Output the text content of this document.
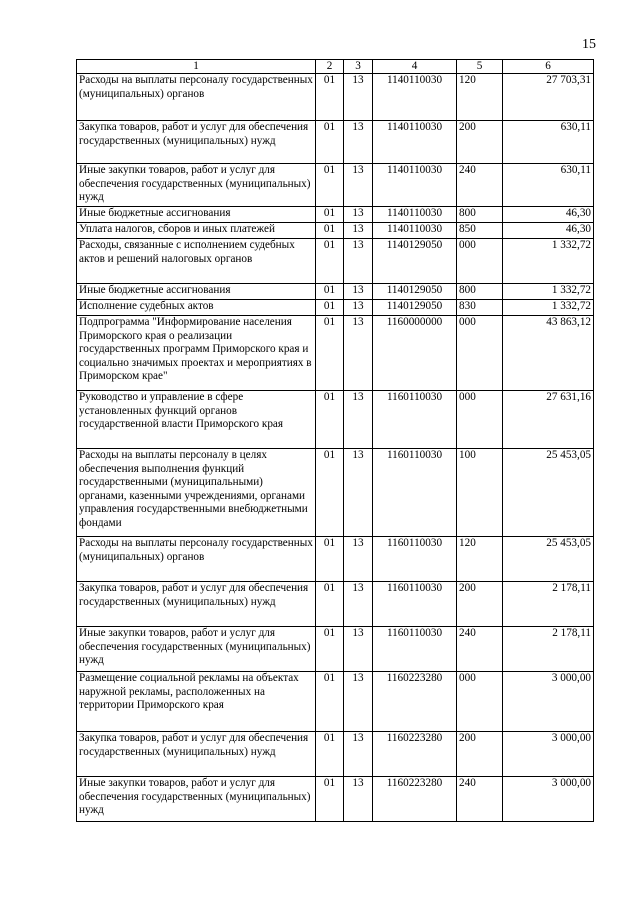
15
1	2	3	4	5	6
Расходы на выплаты персоналу государственных (муниципальных) органов	01	13	1140110030	120	27 703,31
Закупка товаров, работ и услуг для обеспечения государственных (муниципальных) нужд	01	13	1140110030	200	630,11
Иные закупки товаров, работ и услуг для обеспечения государственных (муниципальных) нужд	01	13	1140110030	240	630,11
Иные бюджетные ассигнования	01	13	1140110030	800	46,30
Уплата налогов, сборов и иных платежей	01	13	1140110030	850	46,30
Расходы, связанные с исполнением судебных актов и решений налоговых органов	01	13	1140129050	000	1 332,72
Иные бюджетные ассигнования	01	13	1140129050	800	1 332,72
Исполнение судебных актов	01	13	1140129050	830	1 332,72
Подпрограмма "Информирование населения Приморского края о реализации государственных программ Приморского края и социально значимых проектах и мероприятиях в Приморском крае"	01	13	1160000000	000	43 863,12
Руководство и управление в сфере установленных функций органов государственной власти Приморского края	01	13	1160110030	000	27 631,16
Расходы на выплаты персоналу в целях обеспечения выполнения функций государственными (муниципальными) органами, казенными учреждениями, органами управления государственными внебюджетными фондами	01	13	1160110030	100	25 453,05
Расходы на выплаты персоналу государственных (муниципальных) органов	01	13	1160110030	120	25 453,05
Закупка товаров, работ и услуг для обеспечения государственных (муниципальных) нужд	01	13	1160110030	200	2 178,11
Иные закупки товаров, работ и услуг для обеспечения государственных (муниципальных) нужд	01	13	1160110030	240	2 178,11
Размещение социальной рекламы на объектах наружной рекламы, расположенных на территории Приморского края	01	13	1160223280	000	3 000,00
Закупка товаров, работ и услуг для обеспечения государственных (муниципальных) нужд	01	13	1160223280	200	3 000,00
Иные закупки товаров, работ и услуг для обеспечения государственных (муниципальных) нужд	01	13	1160223280	240	3 000,00
